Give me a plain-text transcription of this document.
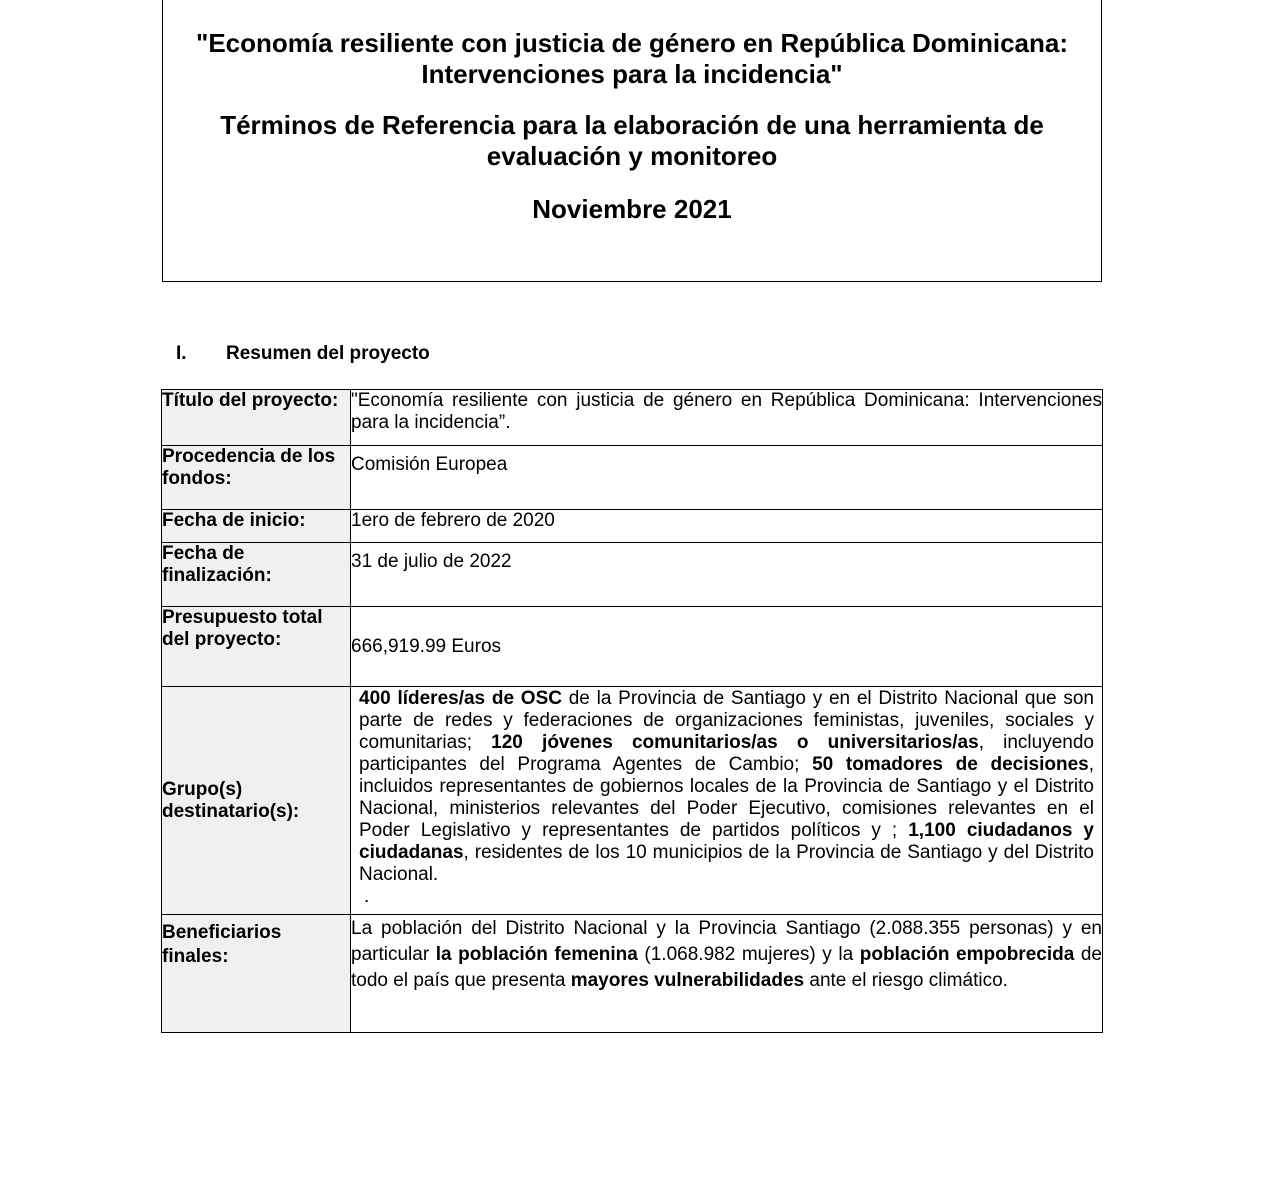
"Economía resiliente con justicia de género en República Dominicana:
Intervenciones para la incidencia"
Términos de Referencia para la elaboración de una herramienta de
evaluación y monitoreo
Noviembre 2021
I. Resumen del proyecto
Título del proyecto:	"Economía resiliente con justicia de género en República Dominicana: Intervenciones para la incidencia”.
Procedencia de los fondos:	Comisión Europea
Fecha de inicio:	1ero de febrero de 2020
Fecha de finalización:	31 de julio de 2022
Presupuesto total del proyecto:	666,919.99 Euros
Grupo(s) destinatario(s):	400 líderes/as de OSC de la Provincia de Santiago y en el Distrito Nacional que son parte de redes y federaciones de organizaciones feministas, juveniles, sociales y comunitarias; 120 jóvenes comunitarios/as o universitarios/as, incluyendo participantes del Programa Agentes de Cambio; 50 tomadores de decisiones, incluidos representantes de gobiernos locales de la Provincia de Santiago y el Distrito Nacional, ministerios relevantes del Poder Ejecutivo, comisiones relevantes en el Poder Legislativo y representantes de partidos políticos y ; 1,100 ciudadanos y ciudadanas, residentes de los 10 municipios de la Provincia de Santiago y del Distrito Nacional.
.

Beneficiarios finales:	La población del Distrito Nacional y la Provincia Santiago (2.088.355 personas) y en particular la población femenina (1.068.982 mujeres) y la población empobrecida de todo el país que presenta mayores vulnerabilidades ante el riesgo climático.
